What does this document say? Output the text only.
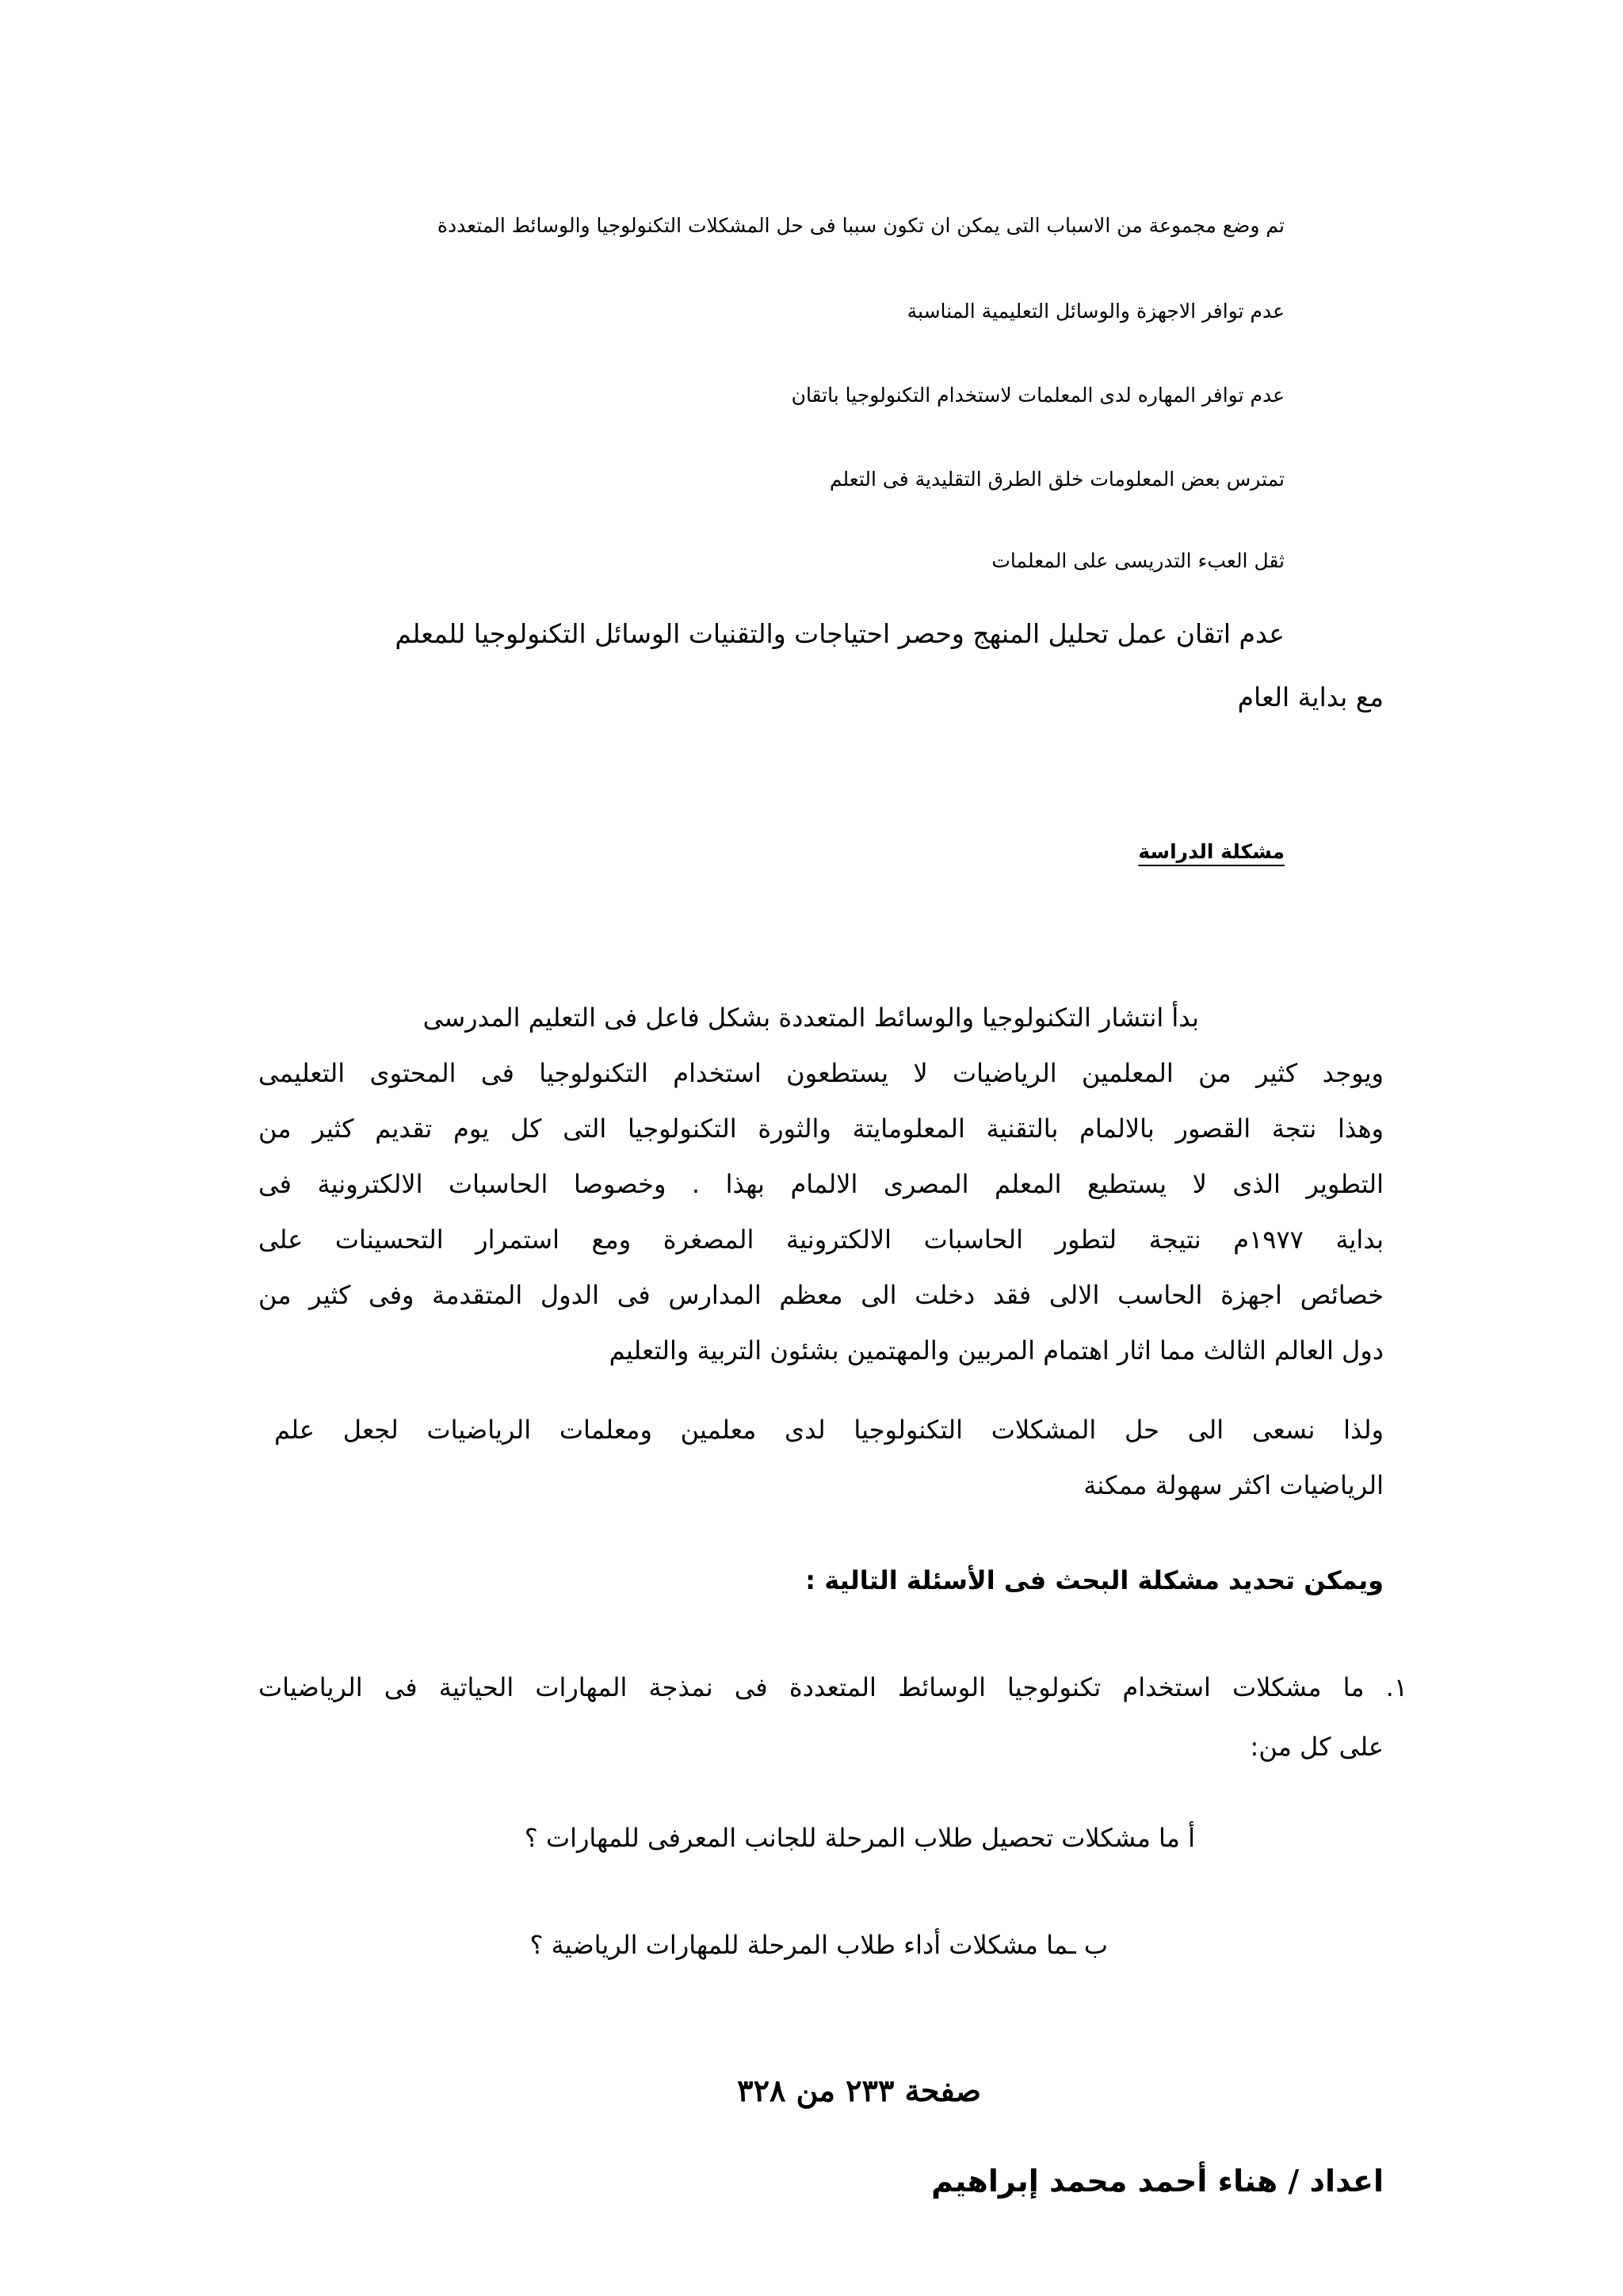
تم وضع مجموعة من الاسباب التى يمكن ان تكون سببا فى حل المشكلات التكنولوجيا والوسائط المتعددة
عدم توافر الاجهزة والوسائل التعليمية المناسبة
عدم توافر المهاره لدى المعلمات لاستخدام التكنولوجيا باتقان
تمترس بعض المعلومات خلق الطرق التقليدية فى التعلم
ثقل العبء التدريسى على المعلمات
عدم اتقان عمل تحليل المنهج وحصر احتياجات والتقنيات الوسائل التكنولوجيا للمعلم
مع بداية العام
مشكلة الدراسة
بدأ انتشار التكنولوجيا والوسائط المتعددة بشكل فاعل فى التعليم المدرسى
ويوجد كثير من المعلمين الرياضيات لا يستطعون استخدام التكنولوجيا فى المحتوى التعليمى
وهذا نتجة القصور بالالمام بالتقنية المعلومايتة والثورة التكنولوجيا التى كل يوم تقديم كثير من
التطوير الذى لا يستطيع المعلم المصرى الالمام بهذا . وخصوصا الحاسبات الالكترونية فى
بداية ١٩٧٧م نتيجة لتطور الحاسبات الالكترونية المصغرة ومع استمرار التحسينات على
خصائص اجهزة الحاسب الالى فقد دخلت الى معظم المدارس فى الدول المتقدمة وفى كثير من
دول العالم الثالث مما اثار اهتمام المربين والمهتمين بشئون التربية والتعليم
ولذا نسعى الى حل المشكلات التكنولوجيا لدى معلمين ومعلمات الرياضيات لجعل علم
الرياضيات اكثر سهولة ممكنة
ويمكن تحديد مشكلة البحث فى الأسئلة التالية :
١. ما مشكلات استخدام تكنولوجيا الوسائط المتعددة فى نمذجة المهارات الحياتية فى الرياضيات
على كل من:
أ ما مشكلات تحصيل طلاب المرحلة للجانب المعرفى للمهارات ؟
ب ـما مشكلات أداء طلاب المرحلة للمهارات الرياضية ؟
صفحة ٢٣٣ من ٣٢٨
اعداد / هناء أحمد محمد إبراهيم
